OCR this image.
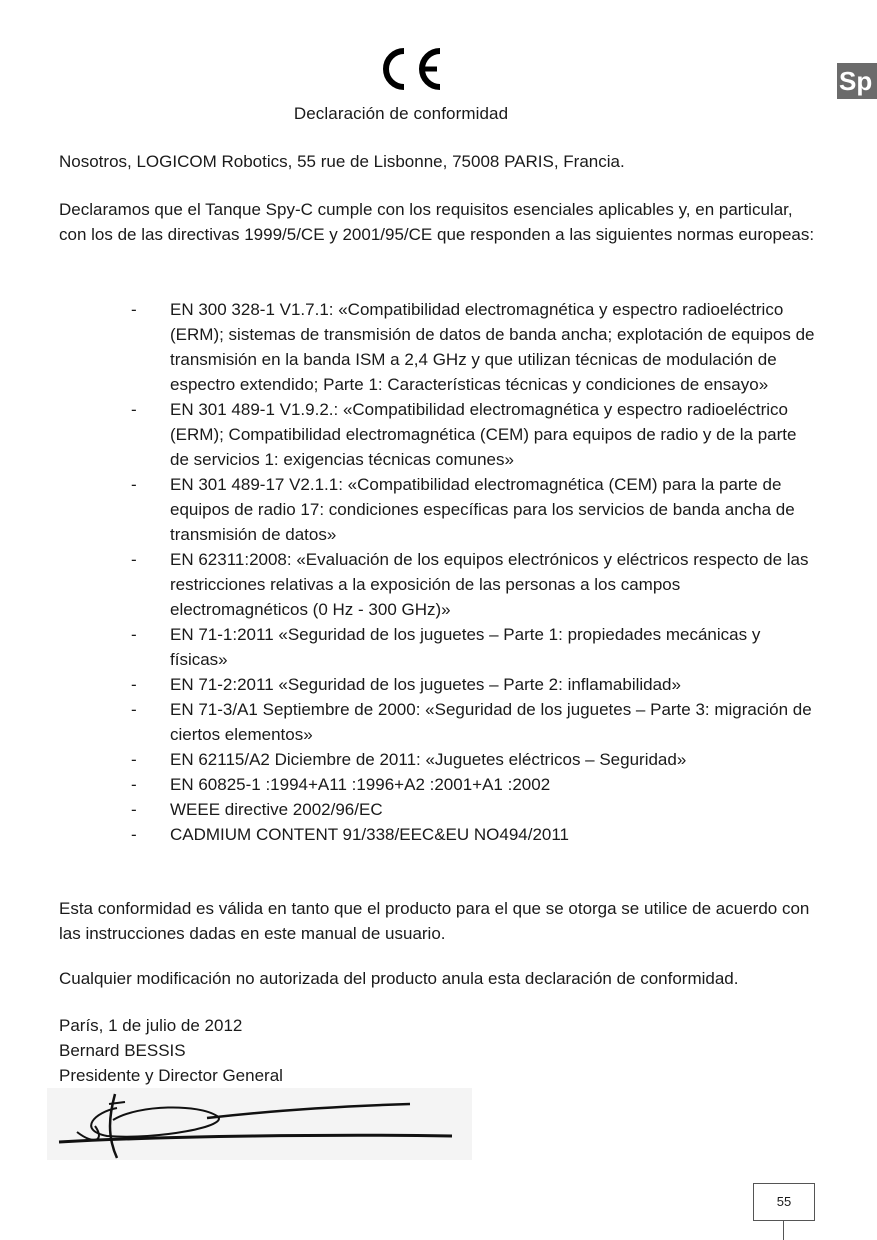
Sp
Declaración de conformidad

Nosotros, LOGICOM Robotics, 55 rue de Lisbonne, 75008 PARIS, Francia.

Declaramos que el Tanque Spy-C cumple con los requisitos esenciales aplicables y, en particular, con los de las directivas 1999/5/CE y 2001/95/CE que responden a las siguientes normas europeas:

- EN 300 328-1 V1.7.1: «Compatibilidad electromagnética y espectro radioeléctrico (ERM); sistemas de transmisión de datos de banda ancha; explotación de equipos de transmisión en la banda ISM a 2,4 GHz y que utilizan técnicas de modulación de espectro extendido; Parte 1: Características técnicas y condiciones de ensayo»
- EN 301 489-1 V1.9.2.: «Compatibilidad electromagnética y espectro radioeléctrico (ERM); Compatibilidad electromagnética (CEM) para equipos de radio y de la parte de servicios 1: exigencias técnicas comunes»
- EN 301 489-17 V2.1.1: «Compatibilidad electromagnética (CEM) para la parte de equipos de radio 17: condiciones específicas para los servicios de banda ancha de transmisión de datos»
- EN 62311:2008: «Evaluación de los equipos electrónicos y eléctricos respecto de las restricciones relativas a la exposición de las personas a los campos electromagnéticos (0 Hz - 300 GHz)»
- EN 71-1:2011 «Seguridad de los juguetes – Parte 1: propiedades mecánicas y físicas»
- EN 71-2:2011 «Seguridad de los juguetes – Parte 2: inflamabilidad»
- EN 71-3/A1 Septiembre de 2000: «Seguridad de los juguetes – Parte 3: migración de ciertos elementos»
- EN 62115/A2 Diciembre de 2011: «Juguetes eléctricos – Seguridad»
- EN 60825-1 :1994+A11 :1996+A2 :2001+A1 :2002
- WEEE directive 2002/96/EC
- CADMIUM CONTENT 91/338/EEC&EU NO494/2011

Esta conformidad es válida en tanto que el producto para el que se otorga se utilice de acuerdo con las instrucciones dadas en este manual de usuario.

Cualquier modificación no autorizada del producto anula esta declaración de conformidad.

París, 1 de julio de 2012

Bernard BESSIS

Presidente y Director General

55
